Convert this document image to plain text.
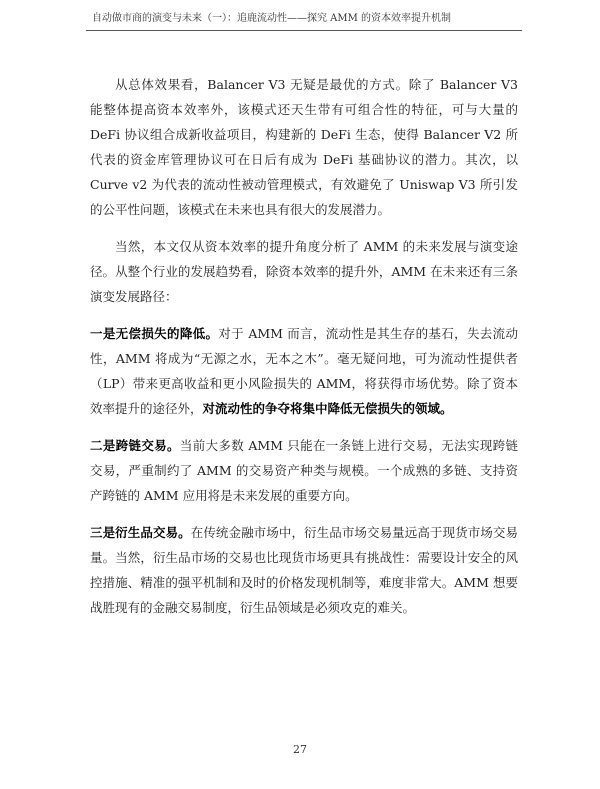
自动做市商的演变与未来（一）：追鹿流动性——探究 AMM 的资本效率提升机制

从总体效果看，Balancer V3 无疑是最优的方式。除了 Balancer V3 能整体提高资本效率外，该模式还天生带有可组合性的特征，可与大量的 DeFi 协议组合成新收益项目，构建新的 DeFi 生态，使得 Balancer V2 所代表的资金库管理协议可在日后有成为 DeFi 基础协议的潜力。其次，以 Curve v2 为代表的流动性被动管理模式，有效避免了 Uniswap V3 所引发的公平性问题，该模式在未来也具有很大的发展潜力。

当然，本文仅从资本效率的提升角度分析了 AMM 的未来发展与演变途径。从整个行业的发展趋势看，除资本效率的提升外，AMM 在未来还有三条演变发展路径：

一是无偿损失的降低。对于 AMM 而言，流动性是其生存的基石，失去流动性，AMM 将成为“无源之水，无本之木”。毫无疑问地，可为流动性提供者（LP）带来更高收益和更小风险损失的 AMM，将获得市场优势。除了资本效率提升的途径外，对流动性的争夺将集中降低无偿损失的领域。

二是跨链交易。当前大多数 AMM 只能在一条链上进行交易，无法实现跨链交易，严重制约了 AMM 的交易资产种类与规模。一个成熟的多链、支持资产跨链的 AMM 应用将是未来发展的重要方向。

三是衍生品交易。在传统金融市场中，衍生品市场交易量远高于现货市场交易量。当然，衍生品市场的交易也比现货市场更具有挑战性：需要设计安全的风控措施、精准的强平机制和及时的价格发现机制等，难度非常大。AMM 想要战胜现有的金融交易制度，衍生品领域是必须攻克的难关。

27
